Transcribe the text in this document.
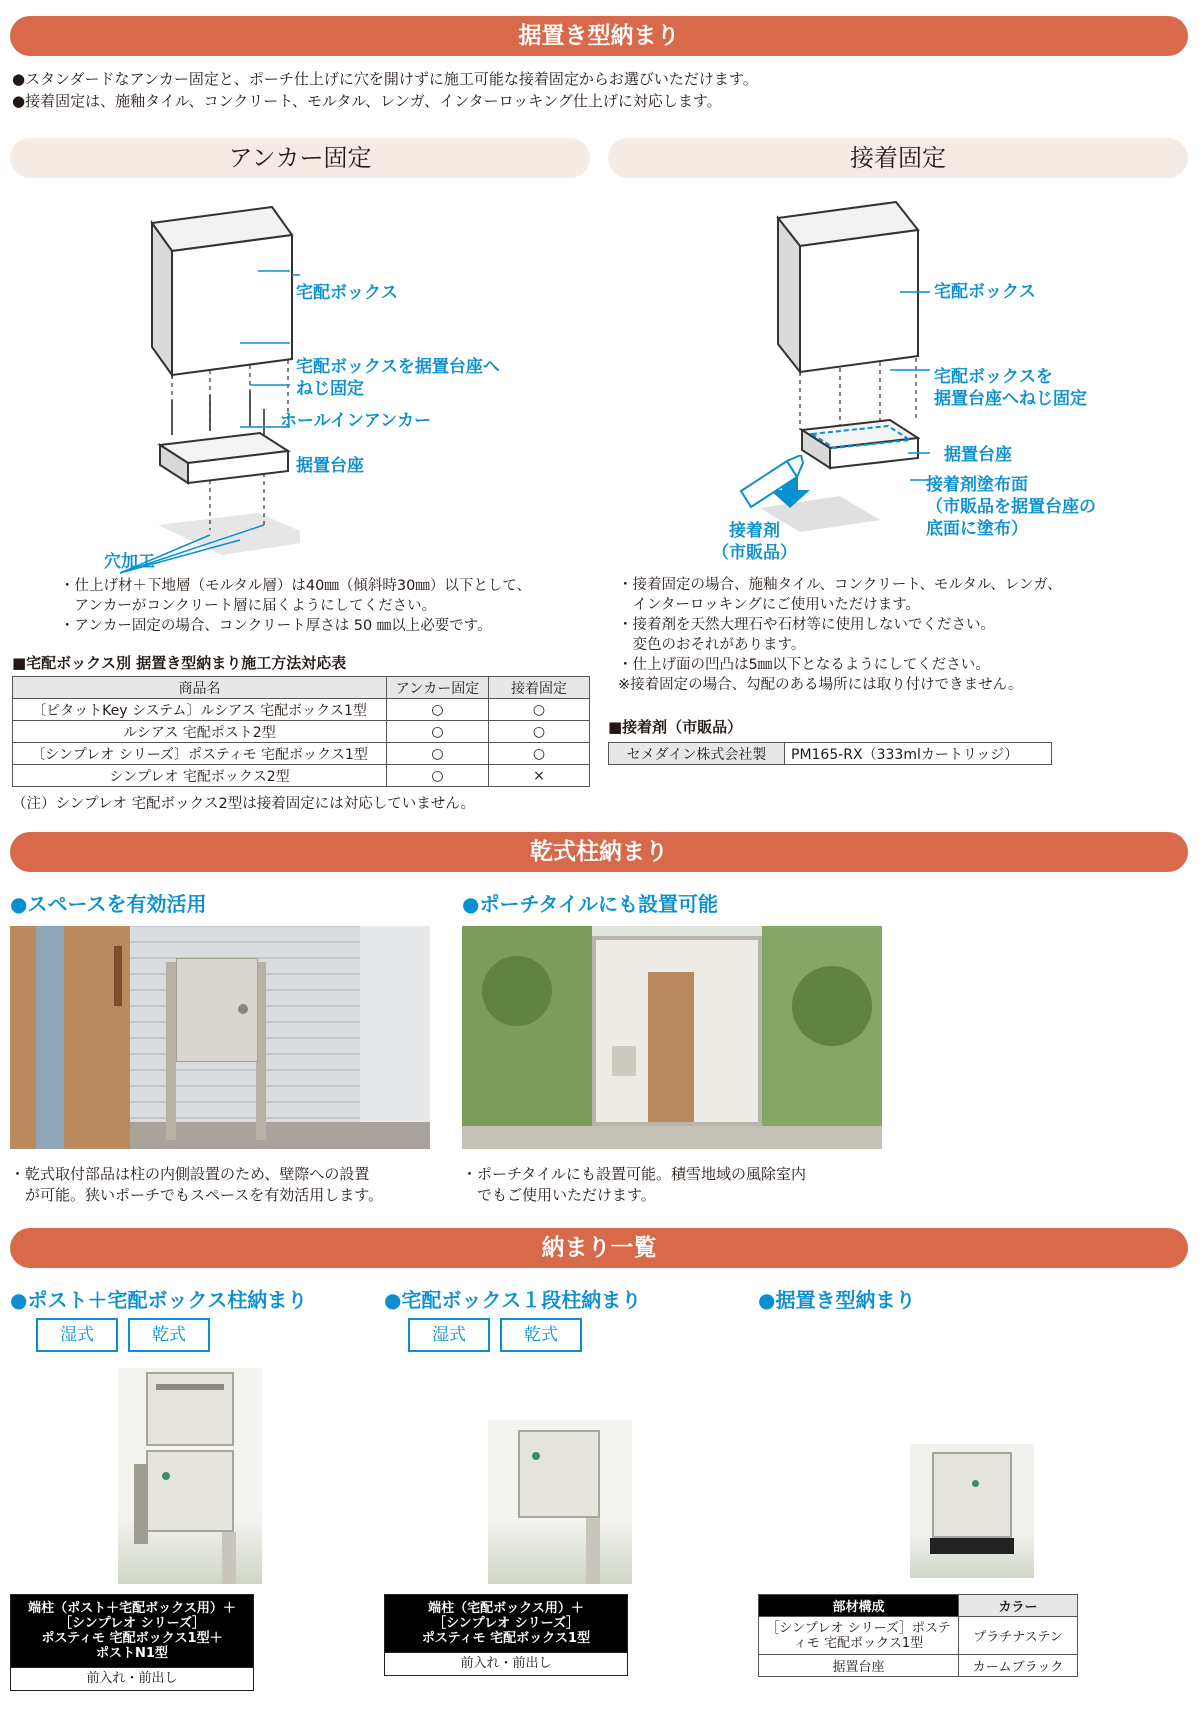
据置き型納まり
●スタンダードなアンカー固定と、ポーチ仕上げに穴を開けずに施工可能な接着固定からお選びいただけます。
●接着固定は、施釉タイル、コンクリート、モルタル、レンガ、インターロッキング仕上げに対応します。
アンカー固定	接着固定
宅配ボックス
宅配ボックスを据置台座へ
ねじ固定
ホールインアンカー
据置台座
穴加工
・仕上げ材＋下地層（モルタル層）は40㎜（傾斜時30㎜）以下として、
　アンカーがコンクリート層に届くようにしてください。
・アンカー固定の場合、コンクリート厚さは 50 ㎜以上必要です。
宅配ボックス
宅配ボックスを
据置台座へねじ固定
据置台座
接着剤塗布面
（市販品を据置台座の
底面に塗布）
接着剤
（市販品）
・接着固定の場合、施釉タイル、コンクリート、モルタル、レンガ、
　インターロッキングにご使用いただけます。
・接着剤を天然大理石や石材等に使用しないでください。
　変色のおそれがあります。
・仕上げ面の凹凸は5㎜以下となるようにしてください。
※接着固定の場合、勾配のある場所には取り付けできません。
■宅配ボックス別 据置き型納まり施工方法対応表
商品名	アンカー固定	接着固定
〔ピタットKey システム〕ルシアス 宅配ボックス1型	○	○
ルシアス 宅配ポスト2型	○	○
〔シンプレオ シリーズ〕ポスティモ 宅配ボックス1型	○	○
シンプレオ 宅配ボックス2型	○	×
（注）シンプレオ 宅配ボックス2型は接着固定には対応していません。
■接着剤（市販品）
セメダイン株式会社製	PM165-RX（333mlカートリッジ）
乾式柱納まり
●スペースを有効活用	●ポーチタイルにも設置可能
・乾式取付部品は柱の内側設置のため、壁際への設置
　が可能。狭いポーチでもスペースを有効活用します。
・ポーチタイルにも設置可能。積雪地域の風除室内
　でもご使用いただけます。
納まり一覧
●ポスト＋宅配ボックス柱納まり	●宅配ボックス１段柱納まり	●据置き型納まり
湿式	乾式	湿式	乾式
端柱（ポスト＋宅配ボックス用）＋
［シンプレオ シリーズ］
ポスティモ 宅配ボックス1型＋
ポストN1型
前入れ・前出し
端柱（宅配ボックス用）＋
［シンプレオ シリーズ］
ポスティモ 宅配ボックス1型
前入れ・前出し
部材構成	カラー
［シンプレオ シリーズ］ポスティモ 宅配ボックス1型	プラチナステン
据置台座	カームブラック
